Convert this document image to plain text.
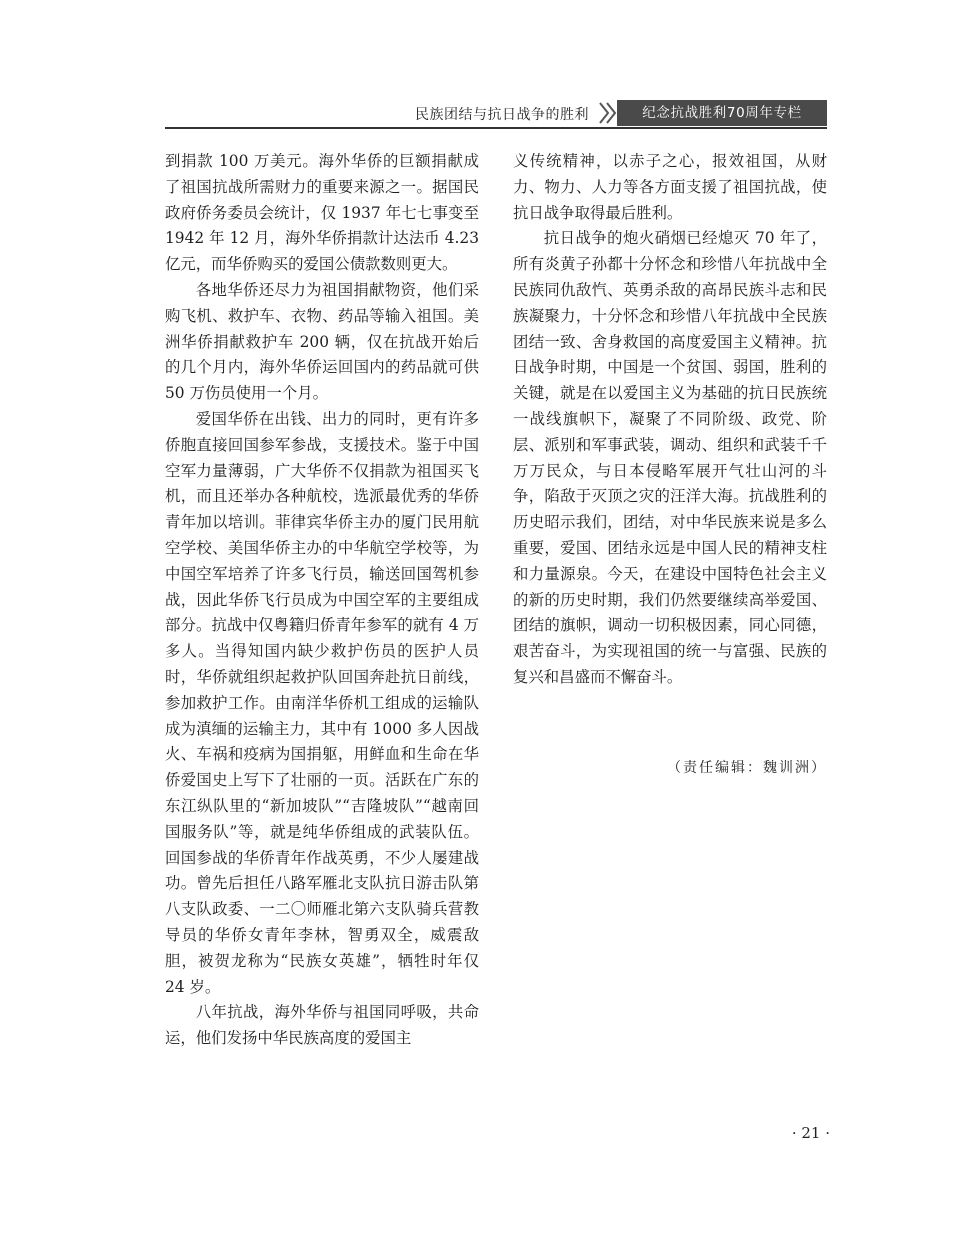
民族团结与抗日战争的胜利	纪念抗战胜利70周年专栏

到捐款 100 万美元。海外华侨的巨额捐献成了祖国抗战所需财力的重要来源之一。据国民政府侨务委员会统计，仅 1937 年七七事变至 1942 年 12 月，海外华侨捐款计达法币 4.23 亿元，而华侨购买的爱国公债款数则更大。

各地华侨还尽力为祖国捐献物资，他们采购飞机、救护车、衣物、药品等输入祖国。美洲华侨捐献救护车 200 辆，仅在抗战开始后的几个月内，海外华侨运回国内的药品就可供 50 万伤员使用一个月。

爱国华侨在出钱、出力的同时，更有许多侨胞直接回国参军参战，支援技术。鉴于中国空军力量薄弱，广大华侨不仅捐款为祖国买飞机，而且还举办各种航校，选派最优秀的华侨青年加以培训。菲律宾华侨主办的厦门民用航空学校、美国华侨主办的中华航空学校等，为中国空军培养了许多飞行员，输送回国驾机参战，因此华侨飞行员成为中国空军的主要组成部分。抗战中仅粤籍归侨青年参军的就有 4 万多人。当得知国内缺少救护伤员的医护人员时，华侨就组织起救护队回国奔赴抗日前线，参加救护工作。由南洋华侨机工组成的运输队成为滇缅的运输主力，其中有 1000 多人因战火、车祸和疫病为国捐躯，用鲜血和生命在华侨爱国史上写下了壮丽的一页。活跃在广东的东江纵队里的“新加坡队”“吉隆坡队”“越南回国服务队”等，就是纯华侨组成的武装队伍。回国参战的华侨青年作战英勇，不少人屡建战功。曾先后担任八路军雁北支队抗日游击队第八支队政委、一二〇师雁北第六支队骑兵营教导员的华侨女青年李林，智勇双全，威震敌胆，被贺龙称为“民族女英雄”，牺牲时年仅 24 岁。

八年抗战，海外华侨与祖国同呼吸，共命运，他们发扬中华民族高度的爱国主

义传统精神，以赤子之心，报效祖国，从财力、物力、人力等各方面支援了祖国抗战，使抗日战争取得最后胜利。

抗日战争的炮火硝烟已经熄灭 70 年了，所有炎黄子孙都十分怀念和珍惜八年抗战中全民族同仇敌忾、英勇杀敌的高昂民族斗志和民族凝聚力，十分怀念和珍惜八年抗战中全民族团结一致、舍身救国的高度爱国主义精神。抗日战争时期，中国是一个贫国、弱国，胜利的关键，就是在以爱国主义为基础的抗日民族统一战线旗帜下，凝聚了不同阶级、政党、阶层、派别和军事武装，调动、组织和武装千千万万民众，与日本侵略军展开气壮山河的斗争，陷敌于灭顶之灾的汪洋大海。抗战胜利的历史昭示我们，团结，对中华民族来说是多么重要，爱国、团结永远是中国人民的精神支柱和力量源泉。今天，在建设中国特色社会主义的新的历史时期，我们仍然要继续高举爱国、团结的旗帜，调动一切积极因素，同心同德，艰苦奋斗，为实现祖国的统一与富强、民族的复兴和昌盛而不懈奋斗。

（责任编辑：魏训洲）
· 21 ·
